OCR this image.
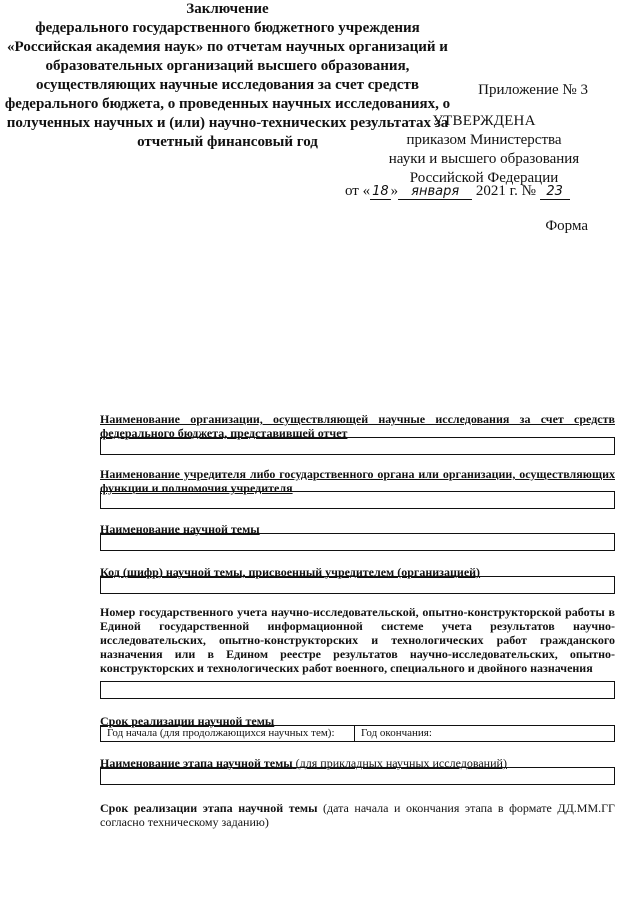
Приложение № 3
УТВЕРЖДЕНА
приказом Министерства
науки и высшего образования
Российской Федерации
от « 18 » января 2021 г. № 23
Форма
Заключение
федерального государственного бюджетного учреждения «Российская академия наук» по отчетам научных организаций и образовательных организаций высшего образования, осуществляющих научные исследования за счет средств федерального бюджета, о проведенных научных исследованиях, о полученных научных и (или) научно-технических результатах за отчетный финансовый год
Наименование организации, осуществляющей научные исследования за счет средств федерального бюджета, представившей отчет
Наименование учредителя либо государственного органа или организации, осуществляющих функции и полномочия учредителя
Наименование научной темы
Код (шифр) научной темы, присвоенный учредителем (организацией)
Номер государственного учета научно-исследовательской, опытно-конструкторской работы в Единой государственной информационной системе учета результатов научно-исследовательских, опытно-конструкторских и технологических работ гражданского назначения или в Едином реестре результатов научно-исследовательских, опытно-конструкторских и технологических работ военного, специального и двойного назначения
Срок реализации научной темы
Год начала (для продолжающихся научных тем): Год окончания:
Наименование этапа научной темы (для прикладных научных исследований)
Срок реализации этапа научной темы (дата начала и окончания этапа в формате ДД.ММ.ГГ согласно техническому заданию)
